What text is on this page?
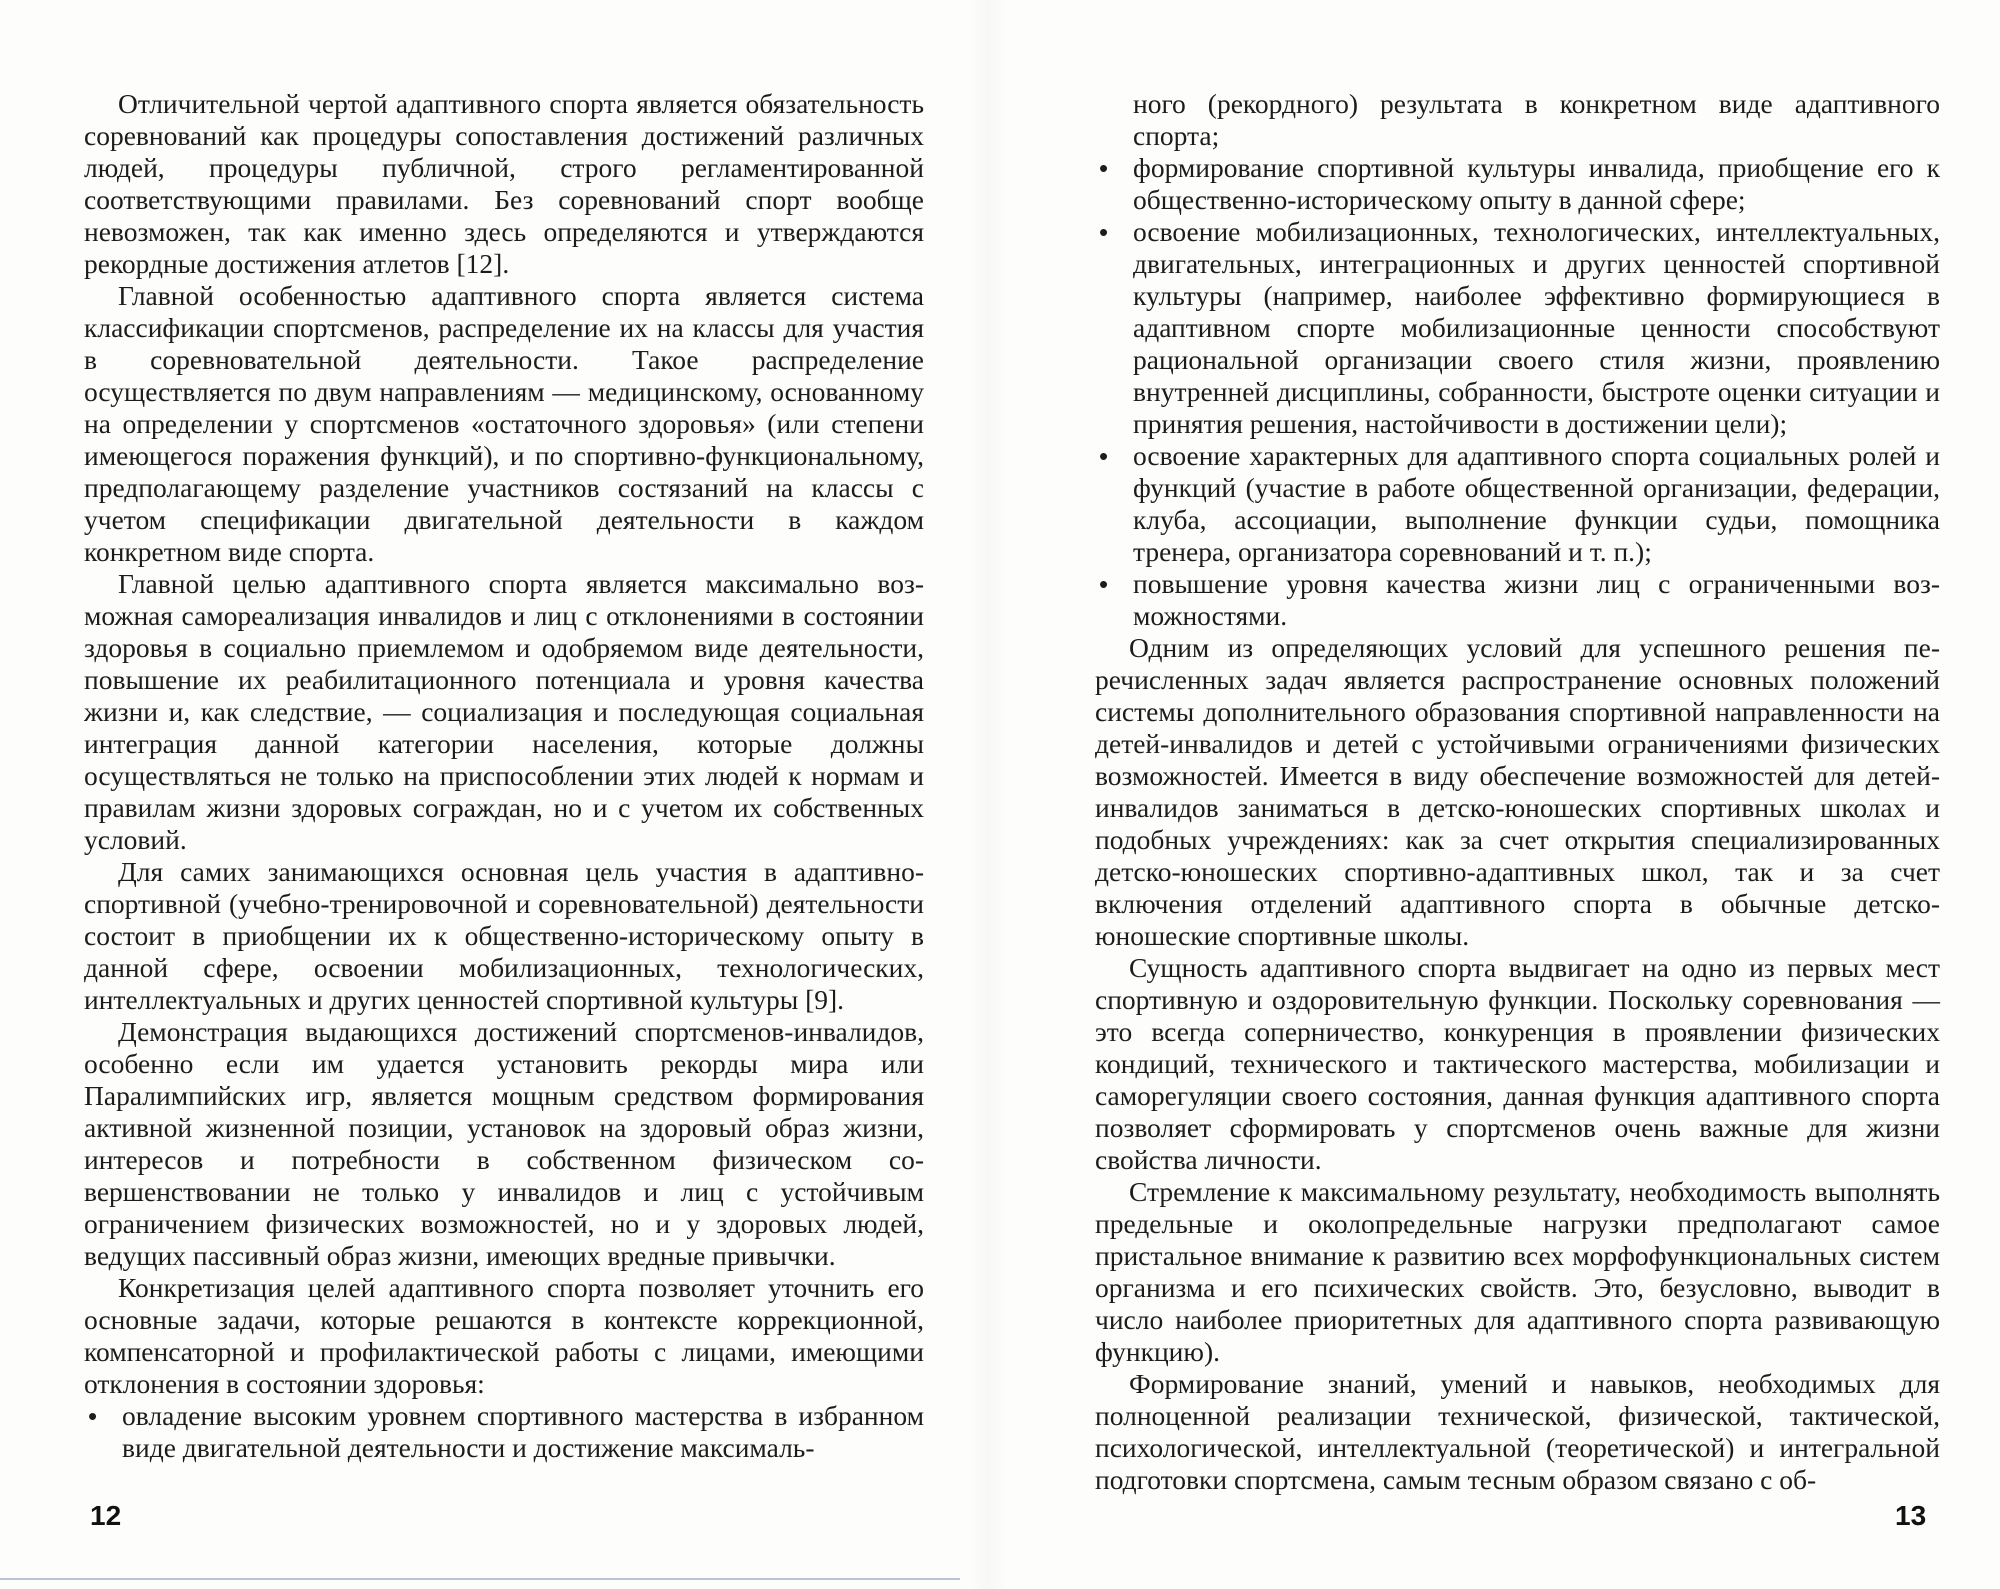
Отличительной чертой адаптивного спорта является обязательность соревнований как процедуры сопоставления достижений различных людей, процедуры публичной, строго регламентированной соответствующими правилами. Без соревнований спорт вообще невозможен, так как именно здесь определяются и утверждаются рекордные достижения атлетов [12].

Главной особенностью адаптивного спорта является система классификации спортсменов, распределение их на классы для участия в соревновательной деятельности. Такое распределение осуществляется по двум направлениям — медицинскому, основанному на определении у спортсменов «остаточного здоровья» (или степени имеющегося поражения функций), и по спортивно-функциональному, предполагающему разделение участников состязаний на классы с учетом спецификации двигательной деятельности в каждом конкретном виде спорта.

Главной целью адаптивного спорта является максимально возможная самореализация инвалидов и лиц с отклонениями в состоянии здоровья в социально приемлемом и одобряемом виде деятельности, повышение их реабилитационного потенциала и уровня качества жизни и, как следствие, — социализация и последующая социальная интеграция данной категории населения, которые должны осуществляться не только на приспособлении этих людей к нормам и правилам жизни здоровых сограждан, но и с учетом их собственных условий.

Для самих занимающихся основная цель участия в адаптивно-спортивной (учебно-тренировочной и соревновательной) деятельности состоит в приобщении их к общественно-историческому опыту в данной сфере, освоении мобилизационных, технологических, интеллектуальных и других ценностей спортивной культуры [9].

Демонстрация выдающихся достижений спортсменов-инвалидов, особенно если им удается установить рекорды мира или Паралимпийских игр, является мощным средством формирования активной жизненной позиции, установок на здоровый образ жизни, интересов и потребности в собственном физическом совершенствовании не только у инвалидов и лиц с устойчивым ограничением физических возможностей, но и у здоровых людей, ведущих пассивный образ жизни, имеющих вредные привычки.

Конкретизация целей адаптивного спорта позволяет уточнить его основные задачи, которые решаются в контексте коррекционной, компенсаторной и профилактической работы с лицами, имеющими отклонения в состоянии здоровья:

• овладение высоким уровнем спортивного мастерства в избранном виде двигательной деятельности и достижение максималь-
12

ного (рекордного) результата в конкретном виде адаптивного спорта;

• формирование спортивной культуры инвалида, приобщение его к общественно-историческому опыту в данной сфере;
• освоение мобилизационных, технологических, интеллектуальных, двигательных, интеграционных и других ценностей спортивной культуры (например, наиболее эффективно формирующиеся в адаптивном спорте мобилизационные ценности способствуют рациональной организации своего стиля жизни, проявлению внутренней дисциплины, собранности, быстроте оценки ситуации и принятия решения, настойчивости в достижении цели);
• освоение характерных для адаптивного спорта социальных ролей и функций (участие в работе общественной организации, федерации, клуба, ассоциации, выполнение функции судьи, помощника тренера, организатора соревнований и т. п.);
• повышение уровня качества жизни лиц с ограниченными возможностями.

Одним из определяющих условий для успешного решения перечисленных задач является распространение основных положений системы дополнительного образования спортивной направленности на детей-инвалидов и детей с устойчивыми ограничениями физических возможностей. Имеется в виду обеспечение возможностей для детей-инвалидов заниматься в детско-юношеских спортивных школах и подобных учреждениях: как за счет открытия специализированных детско-юношеских спортивно-адаптивных школ, так и за счет включения отделений адаптивного спорта в обычные детско-юношеские спортивные школы.

Сущность адаптивного спорта выдвигает на одно из первых мест спортивную и оздоровительную функции. Поскольку соревнования — это всегда соперничество, конкуренция в проявлении физических кондиций, технического и тактического мастерства, мобилизации и саморегуляции своего состояния, данная функция адаптивного спорта позволяет сформировать у спортсменов очень важные для жизни свойства личности.

Стремление к максимальному результату, необходимость выполнять предельные и околопредельные нагрузки предполагают самое пристальное внимание к развитию всех морфофункциональных систем организма и его психических свойств. Это, безусловно, выводит в число наиболее приоритетных для адаптивного спорта развивающую функцию).

Формирование знаний, умений и навыков, необходимых для полноценной реализации технической, физической, тактической, психологической, интеллектуальной (теоретической) и интегральной подготовки спортсмена, самым тесным образом связано с об-

13
